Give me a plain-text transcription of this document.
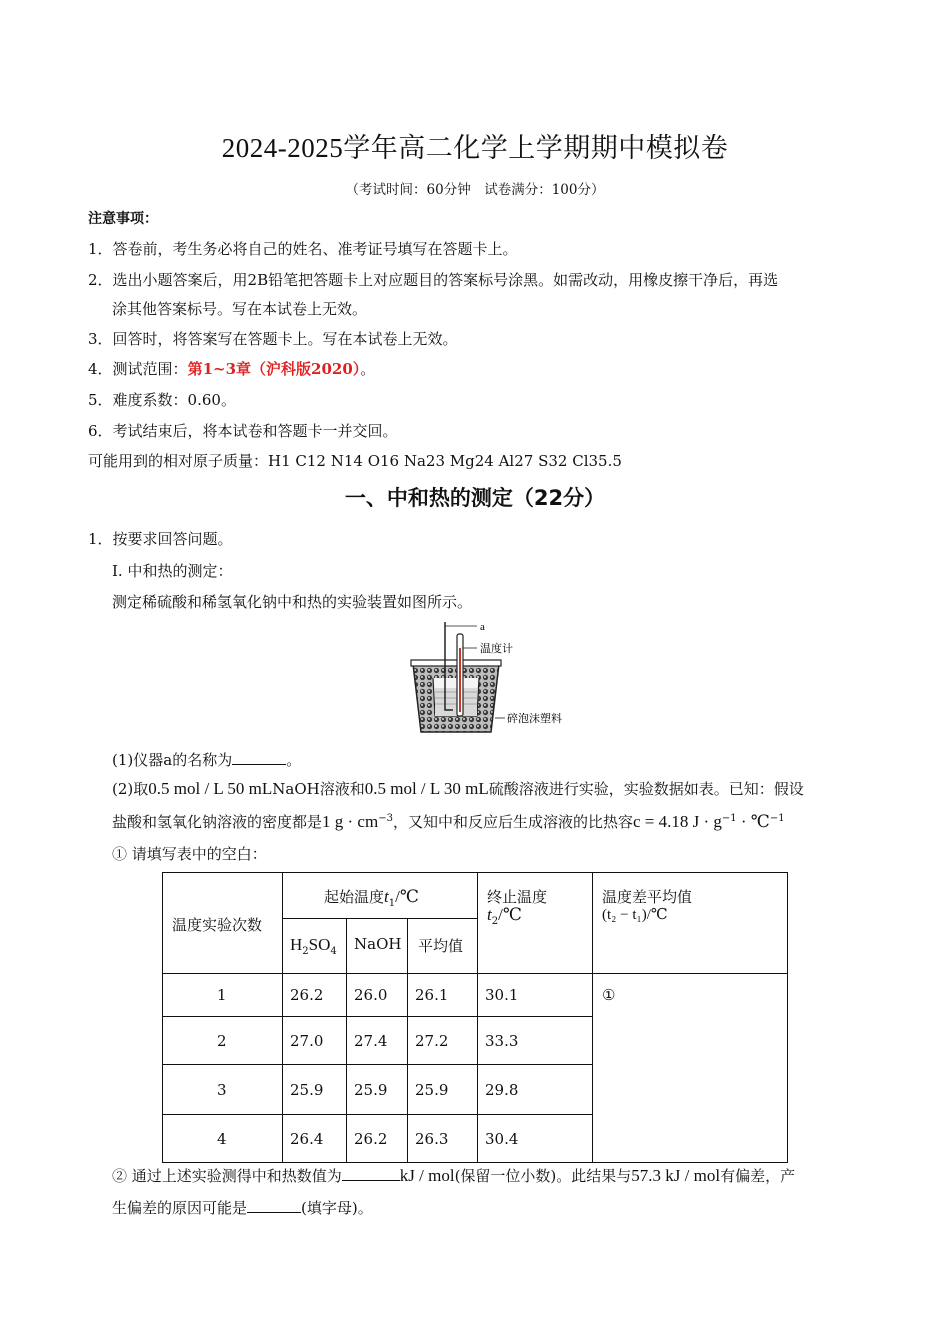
2024-2025学年高二化学上学期期中模拟卷
（考试时间：60分钟　试卷满分：100分）
注意事项：
1．答卷前，考生务必将自己的姓名、准考证号填写在答题卡上。
2．选出小题答案后，用2B铅笔把答题卡上对应题目的答案标号涂黑。如需改动，用橡皮擦干净后，再选
涂其他答案标号。写在本试卷上无效。
3．回答时，将答案写在答题卡上。写在本试卷上无效。
4．测试范围：第1~3章（沪科版2020）。
5．难度系数：0.60。
6．考试结束后，将本试卷和答题卡一并交回。
可能用到的相对原子质量：H1 C12 N14 O16 Na23 Mg24 Al27 S32 Cl35.5
一、中和热的测定（22分）
1．按要求回答问题。
Ⅰ. 中和热的测定：
测定稀硫酸和稀氢氧化钠中和热的实验装置如图所示。
a
温度计
碎泡沫塑料
(1)仪器a的名称为	。
(2)取0.5 mol / L 50 mLNaOH溶液和0.5 mol / L 30 mL硫酸溶液进行实验，实验数据如表。已知：假设
盐酸和氢氧化钠溶液的密度都是1 $g \cdot cm^{-3}$，又知中和反应后生成溶液的比热容c = 4.18 $J \cdot g^{-1}$ · ℃$^{-1}$
① 请填写表中的空白：
温度实验次数
起始温度$t_1/℃$
$H_2SO_4$ NaOH 平均值
终止温度
$t_2/℃$
温度差平均值
(t₂ − t₁)/℃
1	26.2 26.0 26.1 30.1	①
2	27.0 27.4 27.2 33.3
3	25.9 25.9 25.9 29.8
4	26.4 26.2 26.3 30.4
② 通过上述实验测得中和热数值为	kJ / mol(保留一位小数)。此结果与57.3 kJ / mol有偏差，产
生偏差的原因可能是	(填字母)。
